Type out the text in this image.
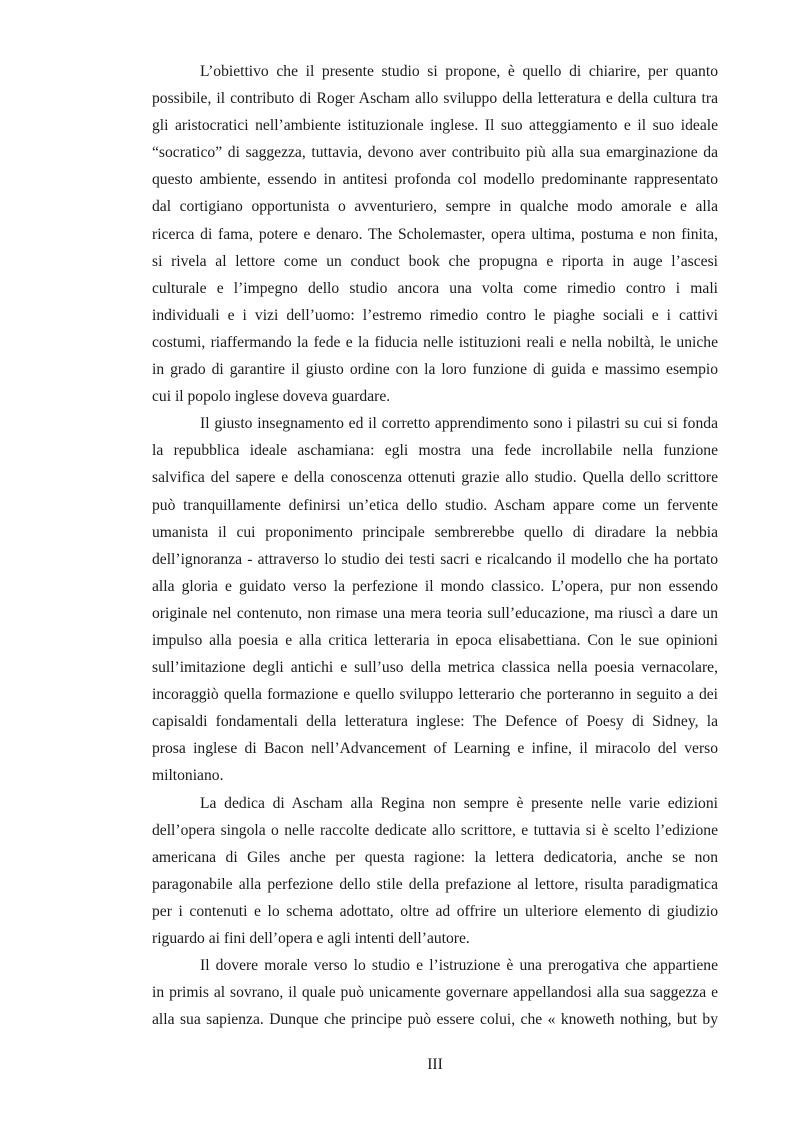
L’obiettivo che il presente studio si propone, è quello di chiarire, per quanto
possibile, il contributo di Roger Ascham allo sviluppo della letteratura e della cultura tra
gli aristocratici nell’ambiente istituzionale inglese. Il suo atteggiamento e il suo ideale
“socratico” di saggezza, tuttavia, devono aver contribuito più alla sua emarginazione da
questo ambiente, essendo in antitesi profonda col modello predominante rappresentato
dal cortigiano opportunista o avventuriero, sempre in qualche modo amorale e alla
ricerca di fama, potere e denaro. The Scholemaster, opera ultima, postuma e non finita,
si rivela al lettore come un conduct book che propugna e riporta in auge l’ascesi
culturale e l’impegno dello studio ancora una volta come rimedio contro i mali
individuali e i vizi dell’uomo: l’estremo rimedio contro le piaghe sociali e i cattivi
costumi, riaffermando la fede e la fiducia nelle istituzioni reali e nella nobiltà, le uniche
in grado di garantire il giusto ordine con la loro funzione di guida e massimo esempio
cui il popolo inglese doveva guardare.
Il giusto insegnamento ed il corretto apprendimento sono i pilastri su cui si fonda
la repubblica ideale aschamiana: egli mostra una fede incrollabile nella funzione
salvifica del sapere e della conoscenza ottenuti grazie allo studio. Quella dello scrittore
può tranquillamente definirsi un’etica dello studio. Ascham appare come un fervente
umanista il cui proponimento principale sembrerebbe quello di diradare la nebbia
dell’ignoranza - attraverso lo studio dei testi sacri e ricalcando il modello che ha portato
alla gloria e guidato verso la perfezione il mondo classico. L’opera, pur non essendo
originale nel contenuto, non rimase una mera teoria sull’educazione, ma riuscì a dare un
impulso alla poesia e alla critica letteraria in epoca elisabettiana. Con le sue opinioni
sull’imitazione degli antichi e sull’uso della metrica classica nella poesia vernacolare,
incoraggiò quella formazione e quello sviluppo letterario che porteranno in seguito a dei
capisaldi fondamentali della letteratura inglese: The Defence of Poesy di Sidney, la
prosa inglese di Bacon nell’Advancement of Learning e infine, il miracolo del verso
miltoniano.
La dedica di Ascham alla Regina non sempre è presente nelle varie edizioni
dell’opera singola o nelle raccolte dedicate allo scrittore, e tuttavia si è scelto l’edizione
americana di Giles anche per questa ragione: la lettera dedicatoria, anche se non
paragonabile alla perfezione dello stile della prefazione al lettore, risulta paradigmatica
per i contenuti e lo schema adottato, oltre ad offrire un ulteriore elemento di giudizio
riguardo ai fini dell’opera e agli intenti dell’autore.
Il dovere morale verso lo studio e l’istruzione è una prerogativa che appartiene
in primis al sovrano, il quale può unicamente governare appellandosi alla sua saggezza e
alla sua sapienza. Dunque che principe può essere colui, che « knoweth nothing, but by
III
